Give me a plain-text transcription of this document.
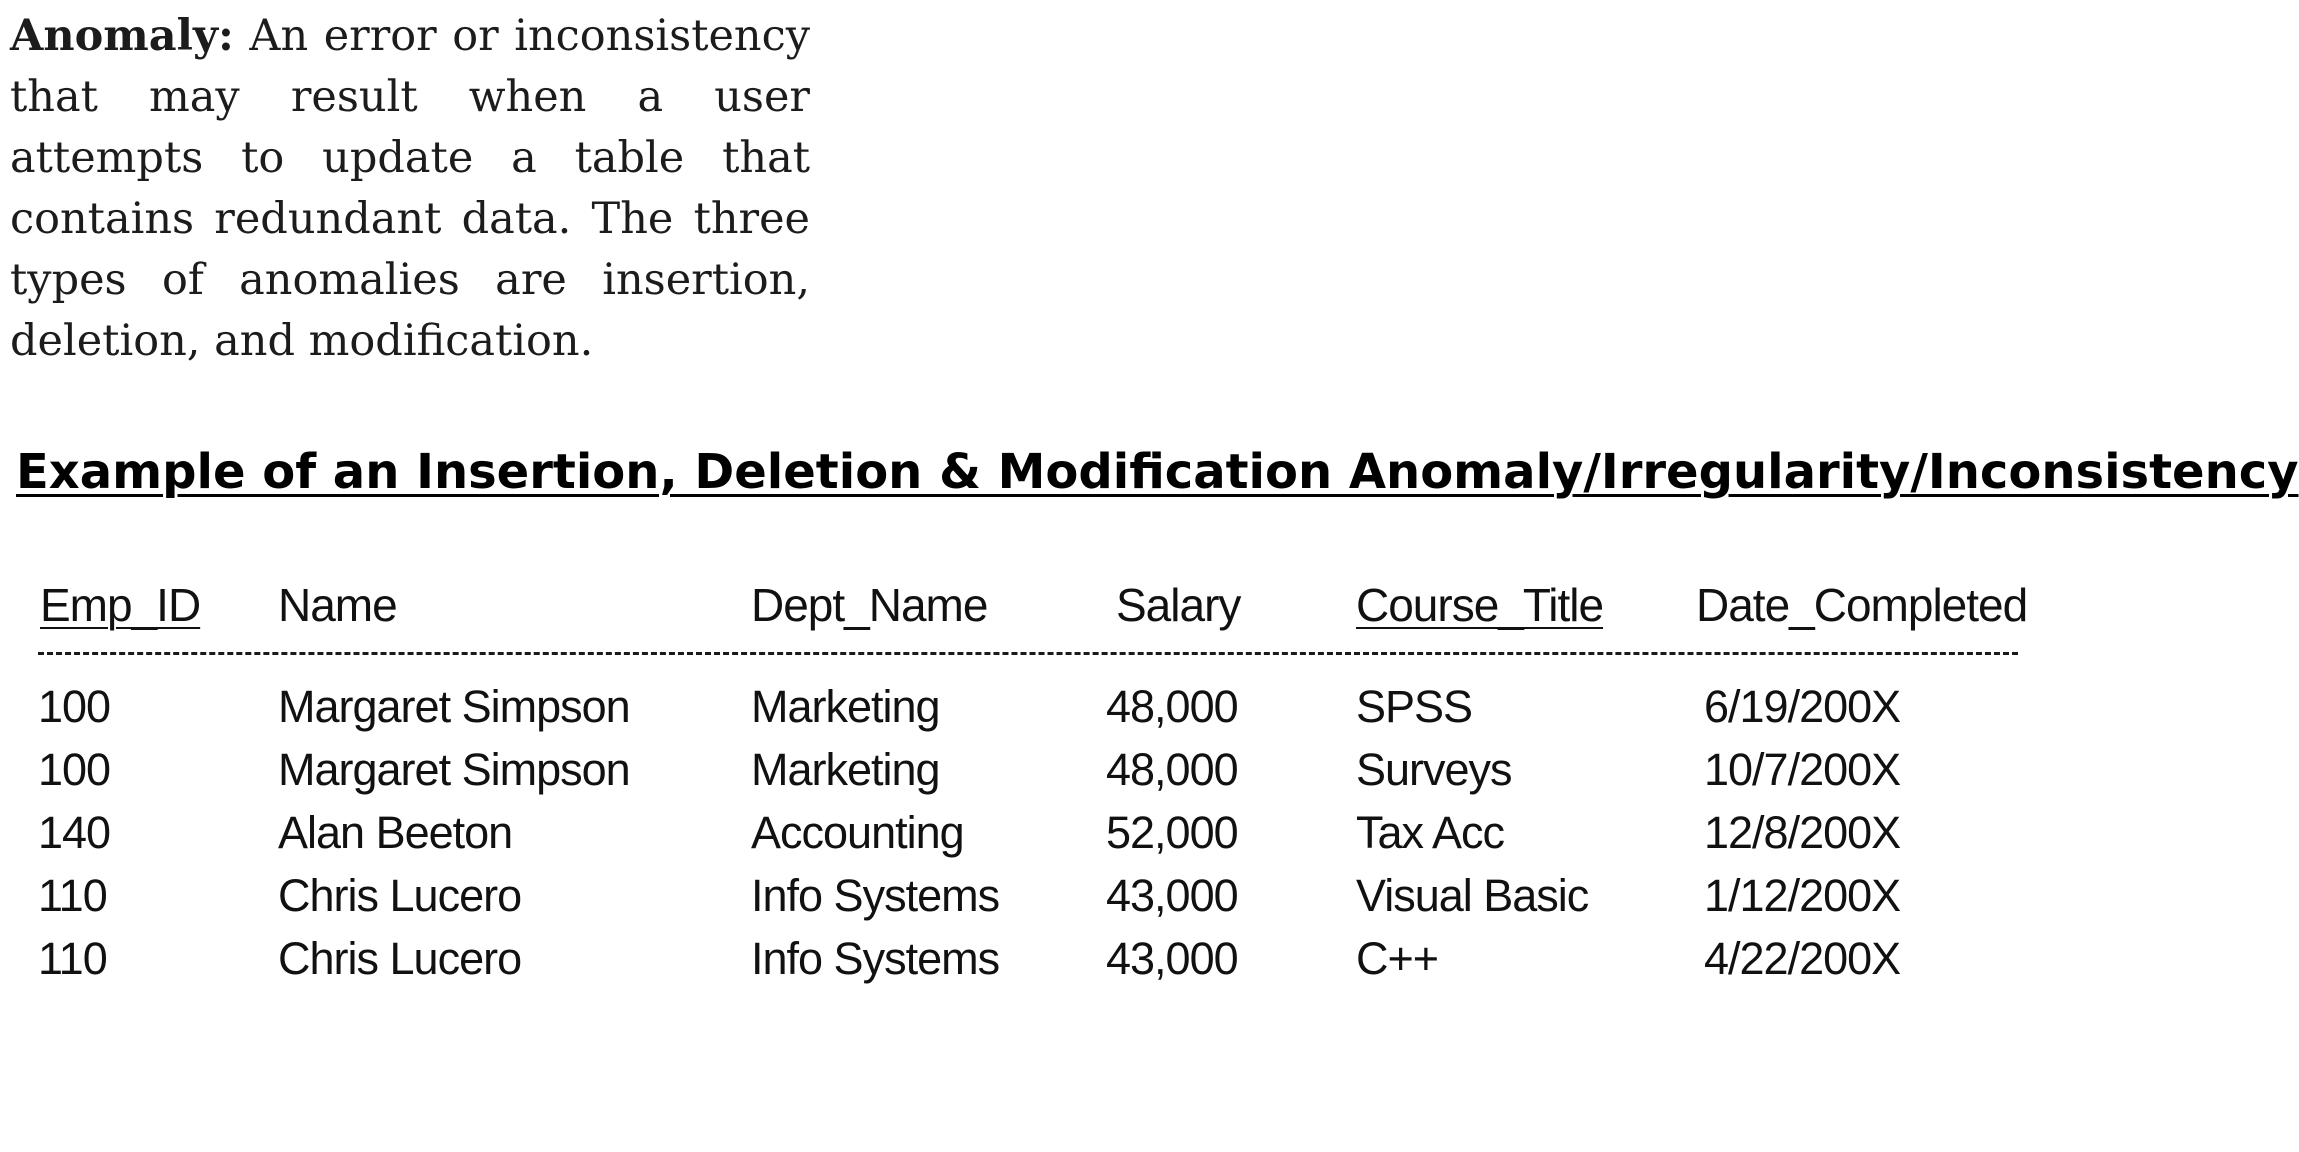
Anomaly: An error or inconsistency that may result when a user attempts to update a table that contains redundant data. The three types of anomalies are insertion, deletion, and modification.
Example of an Insertion, Deletion & Modification Anomaly/Irregularity/Inconsistency
Emp_ID	Name	Dept_Name	Salary	Course_Title	Date_Completed
100	Margaret Simpson	Marketing	48,000	SPSS	6/19/200X
100	Margaret Simpson	Marketing	48,000	Surveys	10/7/200X
140	Alan Beeton	Accounting	52,000	Tax Acc	12/8/200X
110	Chris Lucero	Info Systems	43,000	Visual Basic	1/12/200X
110	Chris Lucero	Info Systems	43,000	C++	4/22/200X
